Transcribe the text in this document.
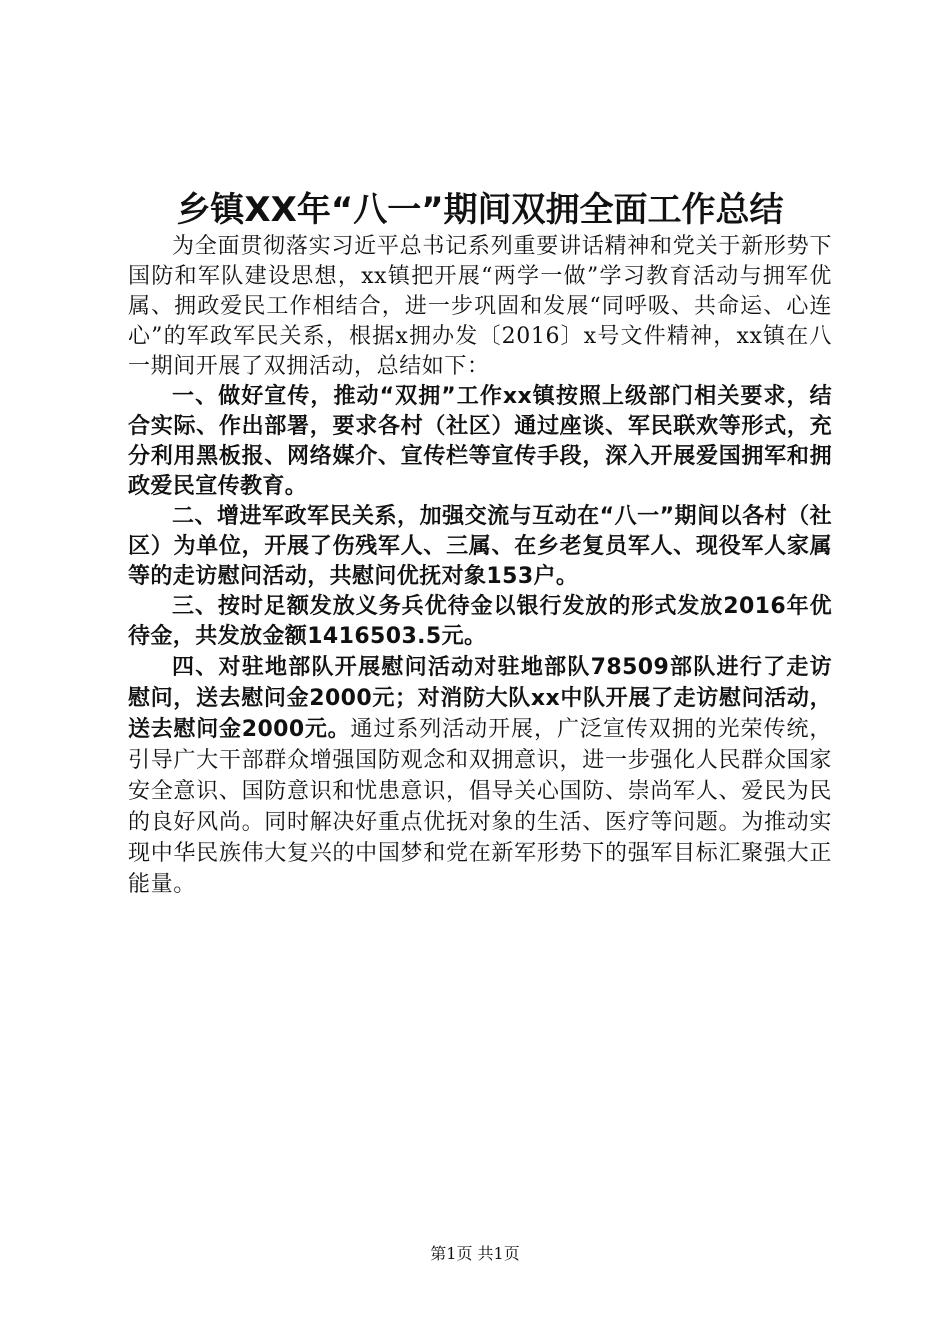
乡镇XX年“八一”期间双拥全面工作总结

为全面贯彻落实习近平总书记系列重要讲话精神和党关于新形势下国防和军队建设思想，xx镇把开展“两学一做”学习教育活动与拥军优属、拥政爱民工作相结合，进一步巩固和发展“同呼吸、共命运、心连心”的军政军民关系，根据x拥办发〔2016〕x号文件精神，xx镇在八一期间开展了双拥活动，总结如下：

一、做好宣传，推动“双拥”工作xx镇按照上级部门相关要求，结合实际、作出部署，要求各村（社区）通过座谈、军民联欢等形式，充分利用黑板报、网络媒介、宣传栏等宣传手段，深入开展爱国拥军和拥政爱民宣传教育。

二、增进军政军民关系，加强交流与互动在“八一”期间以各村（社区）为单位，开展了伤残军人、三属、在乡老复员军人、现役军人家属等的走访慰问活动，共慰问优抚对象153户。

三、按时足额发放义务兵优待金以银行发放的形式发放2016年优待金，共发放金额1416503.5元。

四、对驻地部队开展慰问活动对驻地部队78509部队进行了走访慰问，送去慰问金2000元；对消防大队xx中队开展了走访慰问活动，送去慰问金2000元。通过系列活动开展，广泛宣传双拥的光荣传统，引导广大干部群众增强国防观念和双拥意识，进一步强化人民群众国家安全意识、国防意识和忧患意识，倡导关心国防、崇尚军人、爱民为民的良好风尚。同时解决好重点优抚对象的生活、医疗等问题。为推动实现中华民族伟大复兴的中国梦和党在新军形势下的强军目标汇聚强大正能量。

第1页 共1页
